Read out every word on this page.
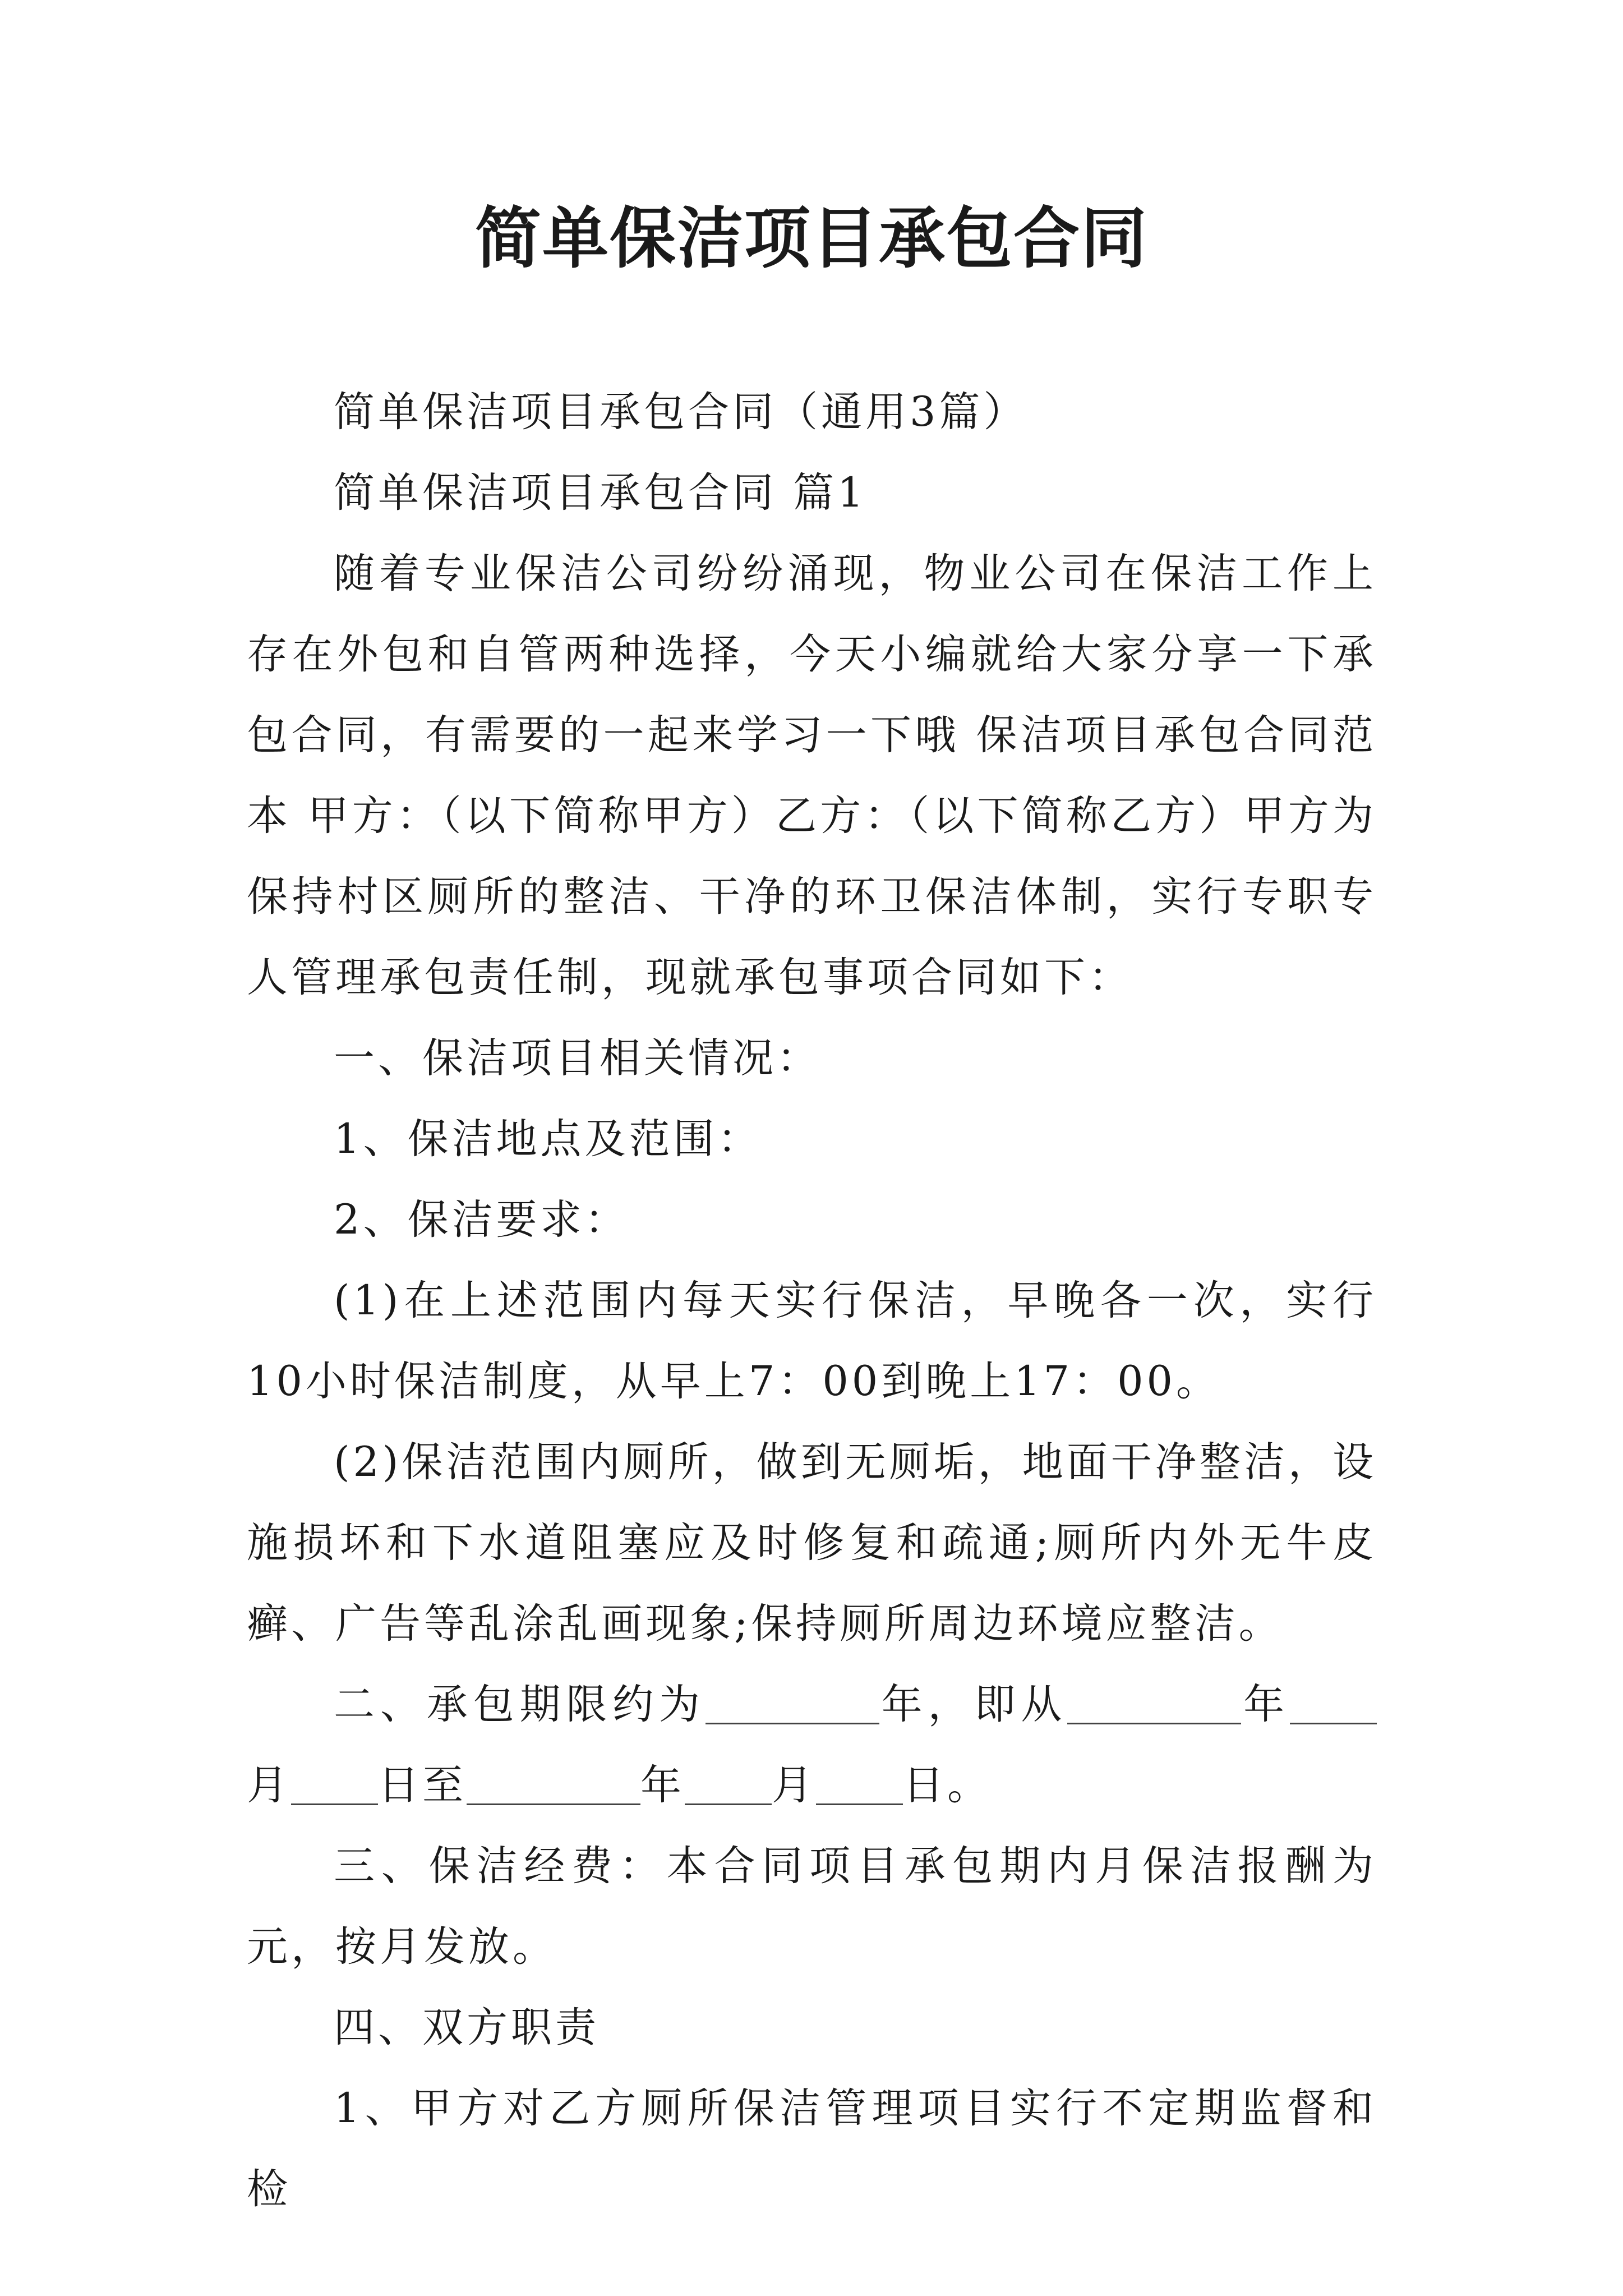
简单保洁项目承包合同

简单保洁项目承包合同（通用3篇）

简单保洁项目承包合同 篇1

随着专业保洁公司纷纷涌现，物业公司在保洁工作上存在外包和自管两种选择，今天小编就给大家分享一下承包合同，有需要的一起来学习一下哦 保洁项目承包合同范本 甲方：（以下简称甲方）乙方：（以下简称乙方）甲方为保持村区厕所的整洁、干净的环卫保洁体制，实行专职专人管理承包责任制，现就承包事项合同如下：

一、保洁项目相关情况：

1、保洁地点及范围：

2、保洁要求：

(1)在上述范围内每天实行保洁，早晚各一次，实行10小时保洁制度，从早上7：00到晚上17：00。

(2)保洁范围内厕所，做到无厕垢，地面干净整洁，设施损坏和下水道阻塞应及时修复和疏通;厕所内外无牛皮癣、广告等乱涂乱画现象;保持厕所周边环境应整洁。

二、承包期限约为	年，即从	年月 日至	年 月 日。

三、保洁经费：本合同项目承包期内月保洁报酬为 元，按月发放。

四、双方职责

1、甲方对乙方厕所保洁管理项目实行不定期监督和检
